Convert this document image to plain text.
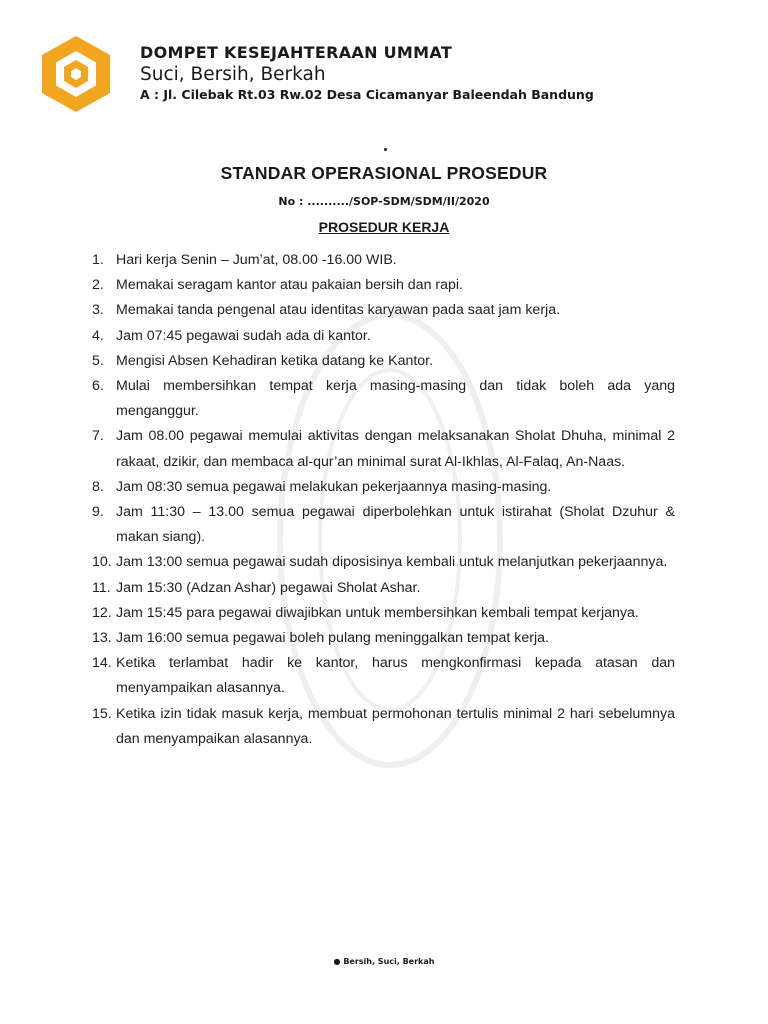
DOMPET KESEJAHTERAAN UMMAT

Suci, Bersih, Berkah

A : Jl. Cilebak Rt.03 Rw.02 Desa Cicamanyar Baleendah Bandung

STANDAR OPERASIONAL PROSEDUR

No : ........../SOP-SDM/SDM/II/2020

PROSEDUR KERJA
1. Hari kerja Senin – Jum’at, 08.00 -16.00 WIB.
2. Memakai seragam kantor atau pakaian bersih dan rapi.
3. Memakai tanda pengenal atau identitas karyawan pada saat jam kerja.
4. Jam 07:45 pegawai sudah ada di kantor.
5. Mengisi Absen Kehadiran ketika datang ke Kantor.
6. Mulai membersihkan tempat kerja masing-masing dan tidak boleh ada yang menganggur.
7. Jam 08.00 pegawai memulai aktivitas dengan melaksanakan Sholat Dhuha, minimal 2 rakaat, dzikir, dan membaca al-qur’an minimal surat Al-Ikhlas, Al-Falaq, An-Naas.
8. Jam 08:30 semua pegawai melakukan pekerjaannya masing-masing.
9. Jam 11:30 – 13.00 semua pegawai diperbolehkan untuk istirahat (Sholat Dzuhur & makan siang).
10. Jam 13:00 semua pegawai sudah diposisinya kembali untuk melanjutkan pekerjaannya.
11. Jam 15:30 (Adzan Ashar) pegawai Sholat Ashar.
12. Jam 15:45 para pegawai diwajibkan untuk membersihkan kembali tempat kerjanya.
13. Jam 16:00 semua pegawai boleh pulang meninggalkan tempat kerja.
14. Ketika terlambat hadir ke kantor, harus mengkonfirmasi kepada atasan dan menyampaikan alasannya.
15. Ketika izin tidak masuk kerja, membuat permohonan tertulis minimal 2 hari sebelumnya dan menyampaikan alasannya.
● Bersih, Suci, Berkah
